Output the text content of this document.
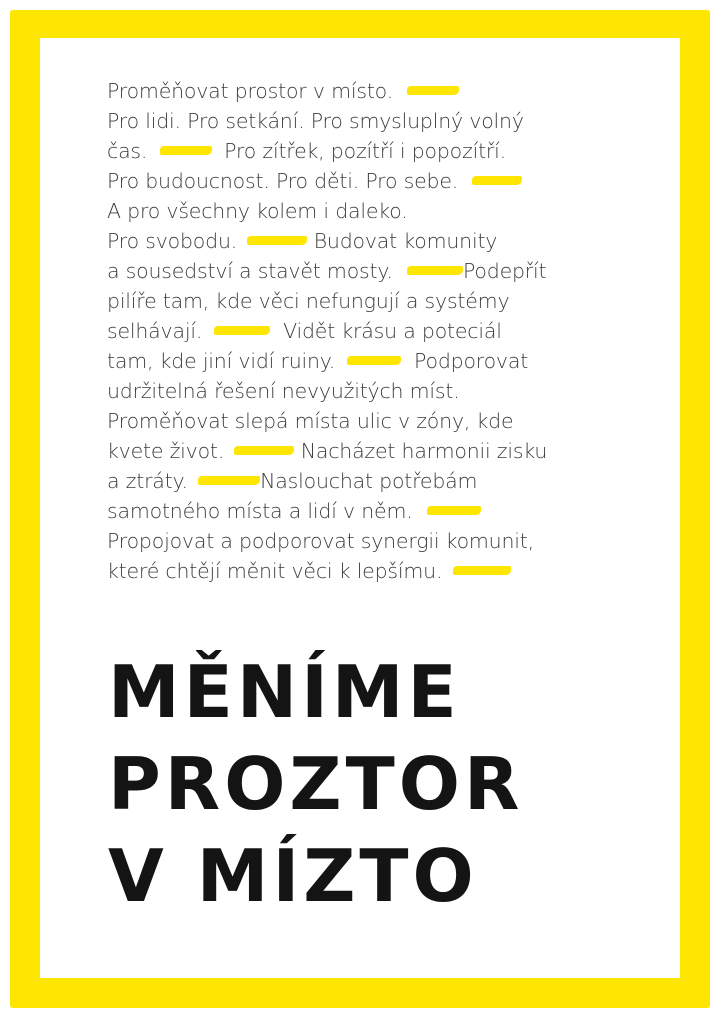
Proměňovat prostor v místo.
Pro lidi. Pro setkání. Pro smysluplný volný
čas.	Pro zítřek, pozítří i popozítří.
Pro budoucnost. Pro děti. Pro sebe.
A pro všechny kolem i daleko.
Pro svobodu.	Budovat komunity
a sousedství a stavět mosty.	Podepřít
pilíře tam, kde věci nefungují a systémy
selhávají.	Vidět krásu a poteciál
tam, kde jiní vidí ruiny.	Podporovat
udržitelná řešení nevyužitých míst.
Proměňovat slepá místa ulic v zóny, kde
kvete život.	Nacházet harmonii zisku
a ztráty.	Naslouchat potřebám
samotného místa a lidí v něm.
Propojovat a podporovat synergii komunit,
které chtějí měnit věci k lepšímu.
MĚNÍME
PROZTOR
V MÍZTO
